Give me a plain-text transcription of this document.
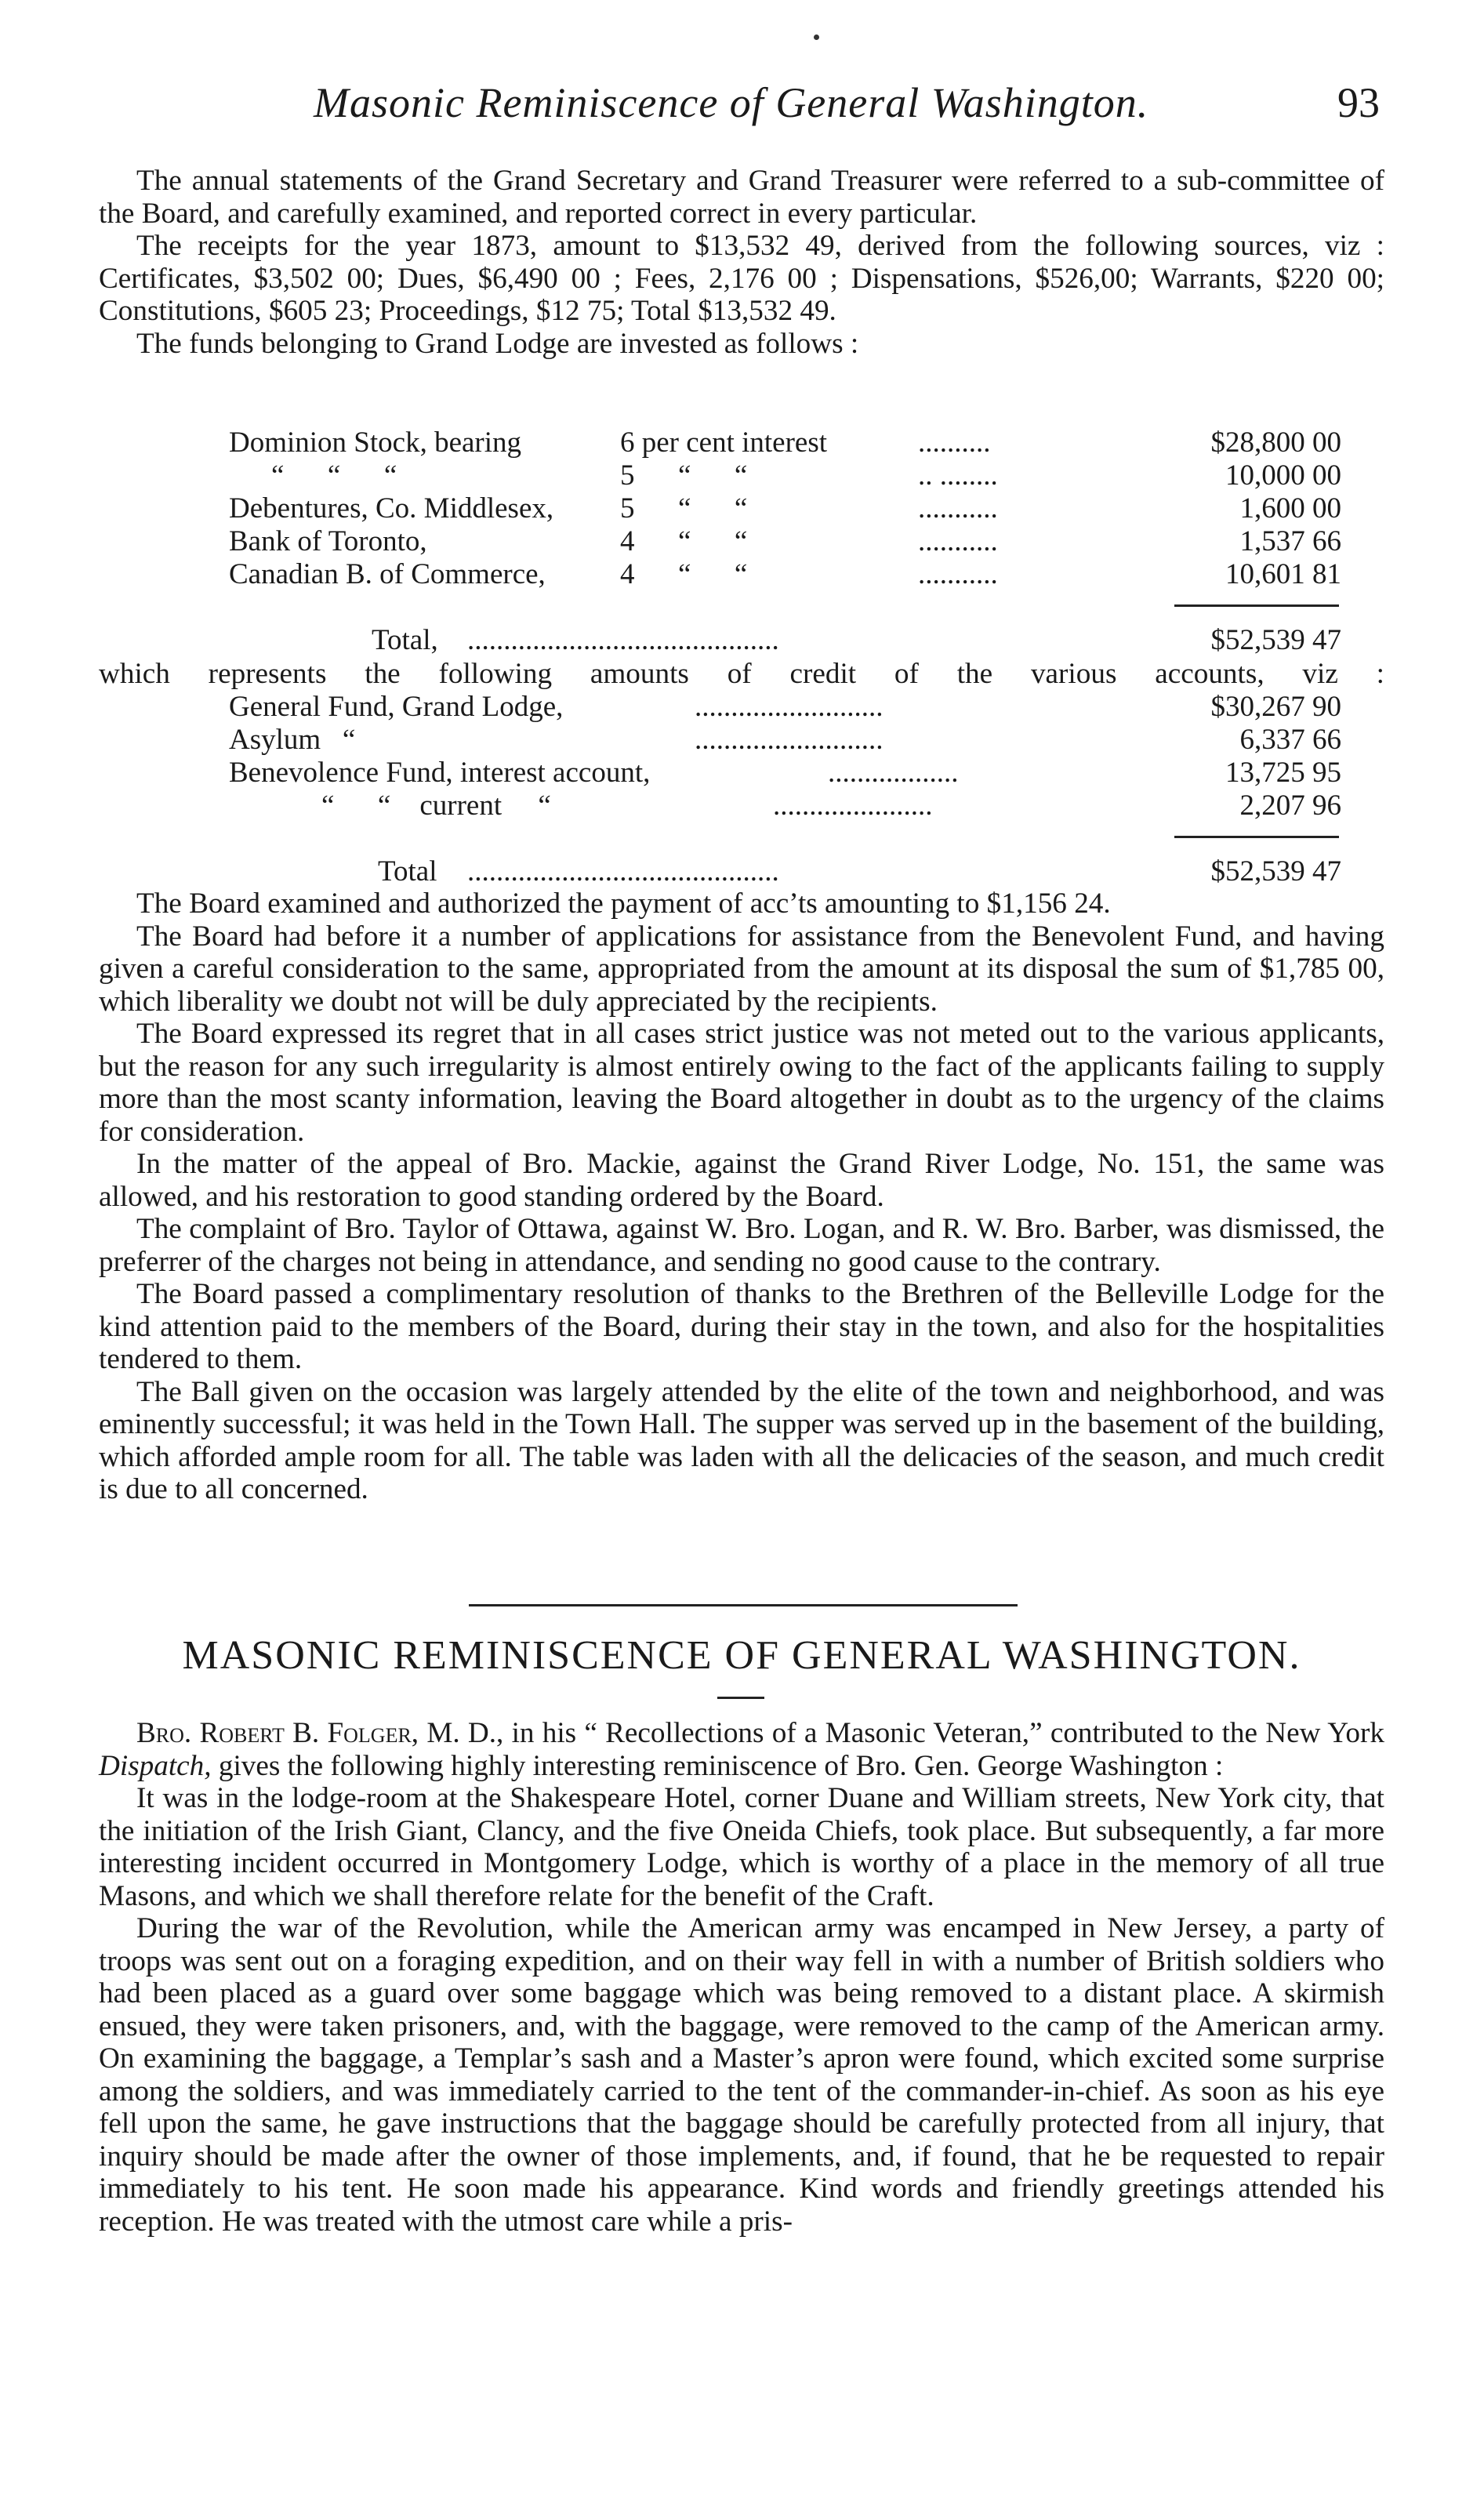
Masonic Reminiscence of General Washington.	93

The annual statements of the Grand Secretary and Grand Treasurer were referred to a sub-committee of the Board, and carefully examined, and reported correct in every particular.

The receipts for the year 1873, amount to $13,532 49, derived from the following sources, viz : Certificates, $3,502 00; Dues, $6,490 00 ; Fees, 2,176 00 ; Dispensations, $526,00; Warrants, $220 00; Constitutions, $605 23; Proceedings, $12 75; Total $13,532 49.

The funds belonging to Grand Lodge are invested as follows :

Dominion Stock, bearing	6 per cent interest	..........	$28,800 00
“      “      “	5      “      “	.. ........	10,000 00
Debentures, Co. Middlesex, 5      “      “	...........	1,600 00
Bank of Toronto,	4      “      “	...........	1,537 66
Canadian B. of Commerce,	4      “      “	...........	10,601 81
Total, ...........................................	$52,539 47

which represents the following amounts of credit of the various accounts, viz :

General Fund, Grand Lodge,	..........................	$30,267 90
Asylum   “	..........................	6,337 66
Benevolence Fund, interest account,	..................	13,725 95
“      “    current     “	......................	2,207 96
Total ...........................................	$52,539 47

The Board examined and authorized the payment of acc’ts amounting to $1,156 24.

The Board had before it a number of applications for assistance from the Benevolent Fund, and having given a careful consideration to the same, appropriated from the amount at its disposal the sum of $1,785 00, which liberality we doubt not will be duly appreciated by the recipients.

The Board expressed its regret that in all cases strict justice was not meted out to the various applicants, but the reason for any such irregularity is almost entirely owing to the fact of the applicants failing to supply more than the most scanty information, leaving the Board altogether in doubt as to the urgency of the claims for consideration.

In the matter of the appeal of Bro. Mackie, against the Grand River Lodge, No. 151, the same was allowed, and his restoration to good standing ordered by the Board.

The complaint of Bro. Taylor of Ottawa, against W. Bro. Logan, and R. W. Bro. Barber, was dismissed, the preferrer of the charges not being in attendance, and sending no good cause to the contrary.

The Board passed a complimentary resolution of thanks to the Brethren of the Belleville Lodge for the kind attention paid to the members of the Board, during their stay in the town, and also for the hospitalities tendered to them.

The Ball given on the occasion was largely attended by the elite of the town and neighborhood, and was eminently successful; it was held in the Town Hall. The supper was served up in the basement of the building, which afforded ample room for all. The table was laden with all the delicacies of the season, and much credit is due to all concerned.

MASONIC REMINISCENCE OF GENERAL WASHINGTON.

Bro. Robert B. Folger, M. D., in his “ Recollections of a Masonic Veteran,” contributed to the New York Dispatch, gives the following highly interesting reminiscence of Bro. Gen. George Washington :

It was in the lodge-room at the Shakespeare Hotel, corner Duane and William streets, New York city, that the initiation of the Irish Giant, Clancy, and the five Oneida Chiefs, took place. But subsequently, a far more interesting incident occurred in Montgomery Lodge, which is worthy of a place in the memory of all true Masons, and which we shall therefore relate for the benefit of the Craft.

During the war of the Revolution, while the American army was encamped in New Jersey, a party of troops was sent out on a foraging expedition, and on their way fell in with a number of British soldiers who had been placed as a guard over some baggage which was being removed to a distant place. A skirmish ensued, they were taken prisoners, and, with the baggage, were removed to the camp of the American army. On examining the baggage, a Templar’s sash and a Master’s apron were found, which excited some surprise among the soldiers, and was immediately carried to the tent of the commander-in-chief. As soon as his eye fell upon the same, he gave instructions that the baggage should be carefully protected from all injury, that inquiry should be made after the owner of those implements, and, if found, that he be requested to repair immediately to his tent. He soon made his appearance. Kind words and friendly greetings attended his reception. He was treated with the utmost care while a pris-
